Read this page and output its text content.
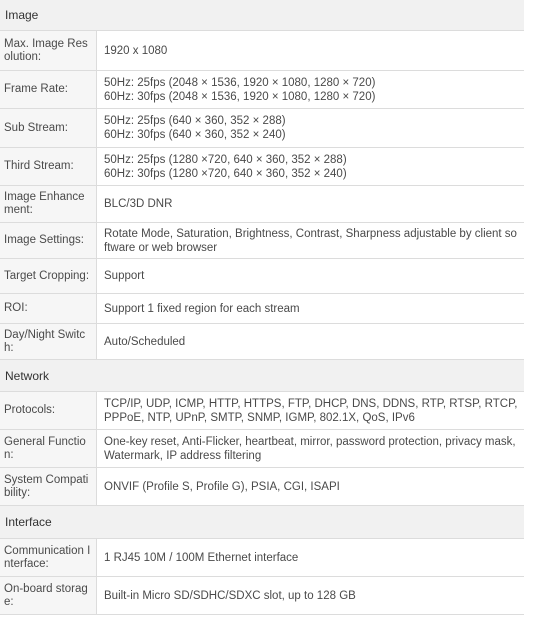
Image
Max. Image Resolution:	1920 x 1080
Frame Rate:
50Hz: 25fps (2048 × 1536, 1920 × 1080, 1280 × 720)
60Hz: 30fps (2048 × 1536, 1920 × 1080, 1280 × 720)
Sub Stream:
50Hz: 25fps (640 × 360, 352 × 288)
60Hz: 30fps (640 × 360, 352 × 240)
Third Stream:
50Hz: 25fps (1280 ×720, 640 × 360, 352 × 288)
60Hz: 30fps (1280 ×720, 640 × 360, 352 × 240)
Image Enhancement:	BLC/3D DNR
Image Settings:
Rotate Mode, Saturation, Brightness, Contrast, Sharpness adjustable by client software or web browser
Target Cropping:	Support
ROI:	Support 1 fixed region for each stream
Day/Night Switch:	Auto/Scheduled
Network
Protocols:
TCP/IP, UDP, ICMP, HTTP, HTTPS, FTP, DHCP, DNS, DDNS, RTP, RTSP, RTCP, PPPoE, NTP, UPnP, SMTP, SNMP, IGMP, 802.1X, QoS, IPv6
General Function:
One-key reset, Anti-Flicker, heartbeat, mirror, password protection, privacy mask, Watermark, IP address filtering
System Compatibility:	ONVIF (Profile S, Profile G), PSIA, CGI, ISAPI
Interface
Communication Interface:	1 RJ45 10M / 100M Ethernet interface
On-board storage:	Built-in Micro SD/SDHC/SDXC slot, up to 128 GB
